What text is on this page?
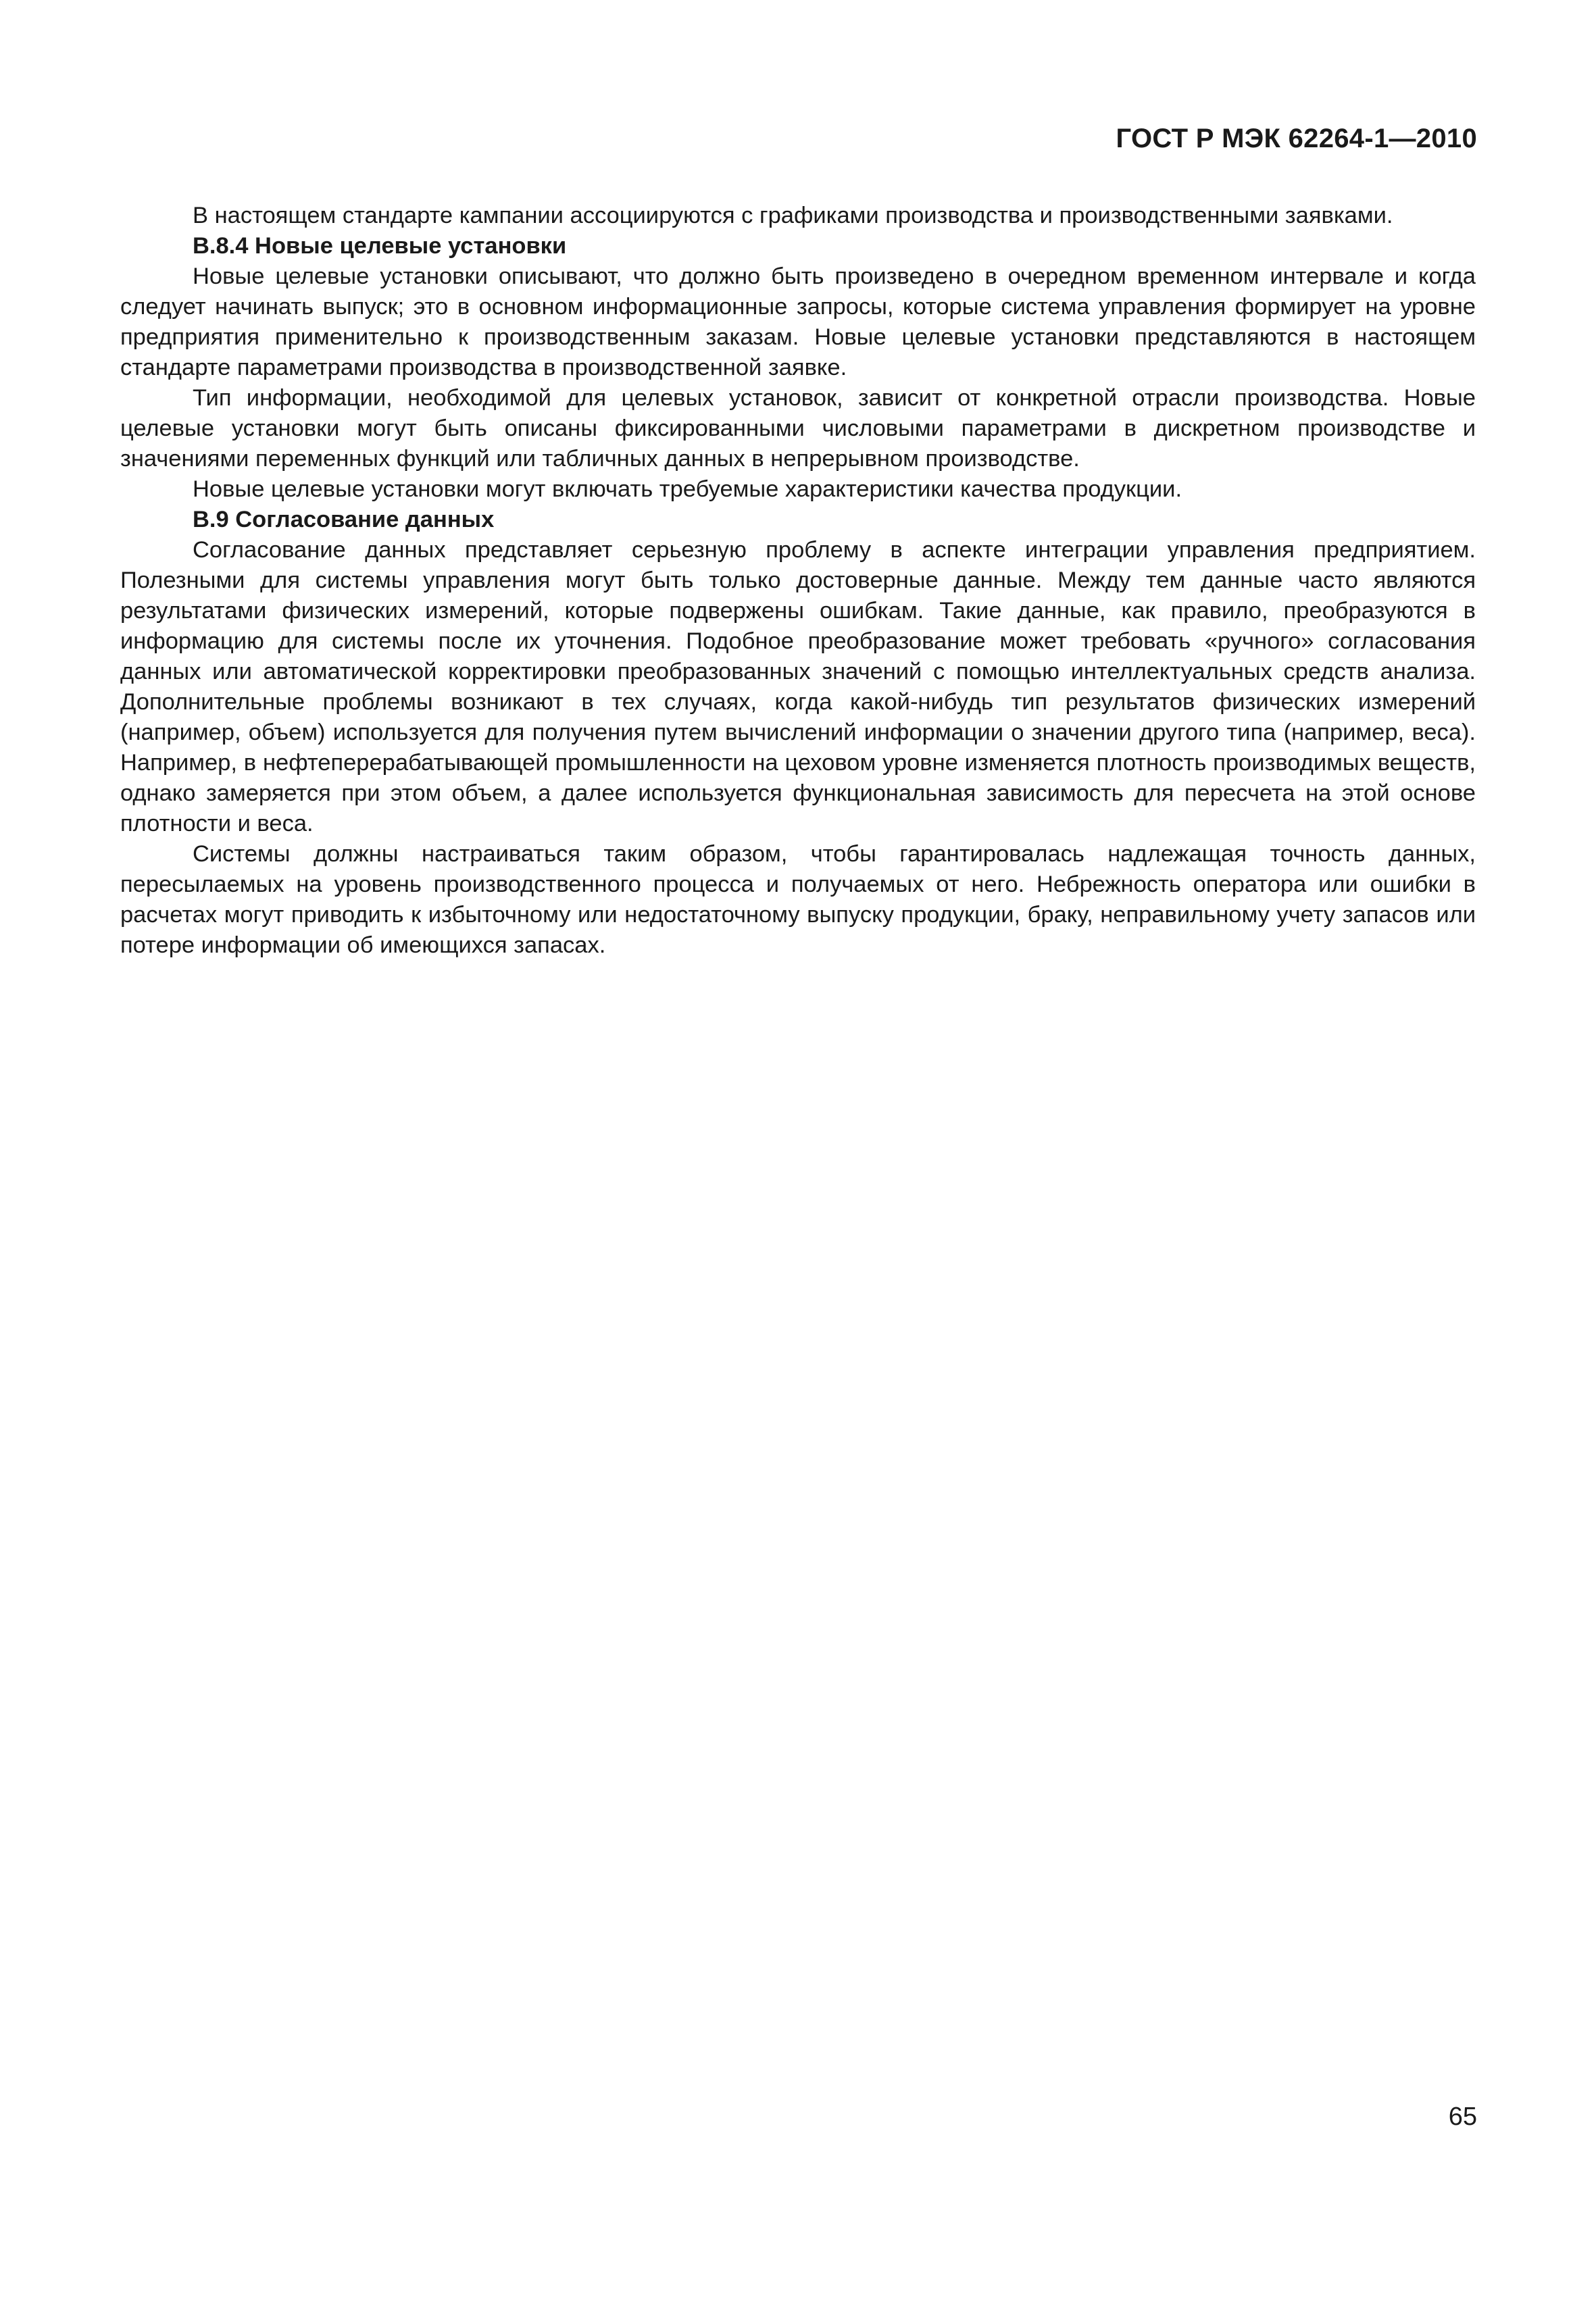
ГОСТ Р МЭК 62264-1—2010

В настоящем стандарте кампании ассоциируются с графиками производства и производственными заявками.

В.8.4 Новые целевые установки

Новые целевые установки описывают, что должно быть произведено в очередном временном интервале и когда следует начинать выпуск; это в основном информационные запросы, которые система управления формирует на уровне предприятия применительно к производственным заказам. Новые целевые установки представляются в настоящем стандарте параметрами производства в производственной заявке.

Тип информации, необходимой для целевых установок, зависит от конкретной отрасли производства. Новые целевые установки могут быть описаны фиксированными числовыми параметрами в дискретном производстве и значениями переменных функций или табличных данных в непрерывном производстве.

Новые целевые установки могут включать требуемые характеристики качества продукции.

В.9 Согласование данных

Согласование данных представляет серьезную проблему в аспекте интеграции управления предприятием. Полезными для системы управления могут быть только достоверные данные. Между тем данные часто являются результатами физических измерений, которые подвержены ошибкам. Такие данные, как правило, преобразуются в информацию для системы после их уточнения. Подобное преобразование может требовать «ручного» согласования данных или автоматической корректировки преобразованных значений с помощью интеллектуальных средств анализа. Дополнительные проблемы возникают в тех случаях, когда какой-нибудь тип результатов физических измерений (например, объем) используется для получения путем вычислений информации о значении другого типа (например, веса). Например, в нефтеперерабатывающей промышленности на цеховом уровне изменяется плотность производимых веществ, однако замеряется при этом объем, а далее используется функциональная зависимость для пересчета на этой основе плотности и веса.

Системы должны настраиваться таким образом, чтобы гарантировалась надлежащая точность данных, пересылаемых на уровень производственного процесса и получаемых от него. Небрежность оператора или ошибки в расчетах могут приводить к избыточному или недостаточному выпуску продукции, браку, неправильному учету запасов или потере информации об имеющихся запасах.

65
